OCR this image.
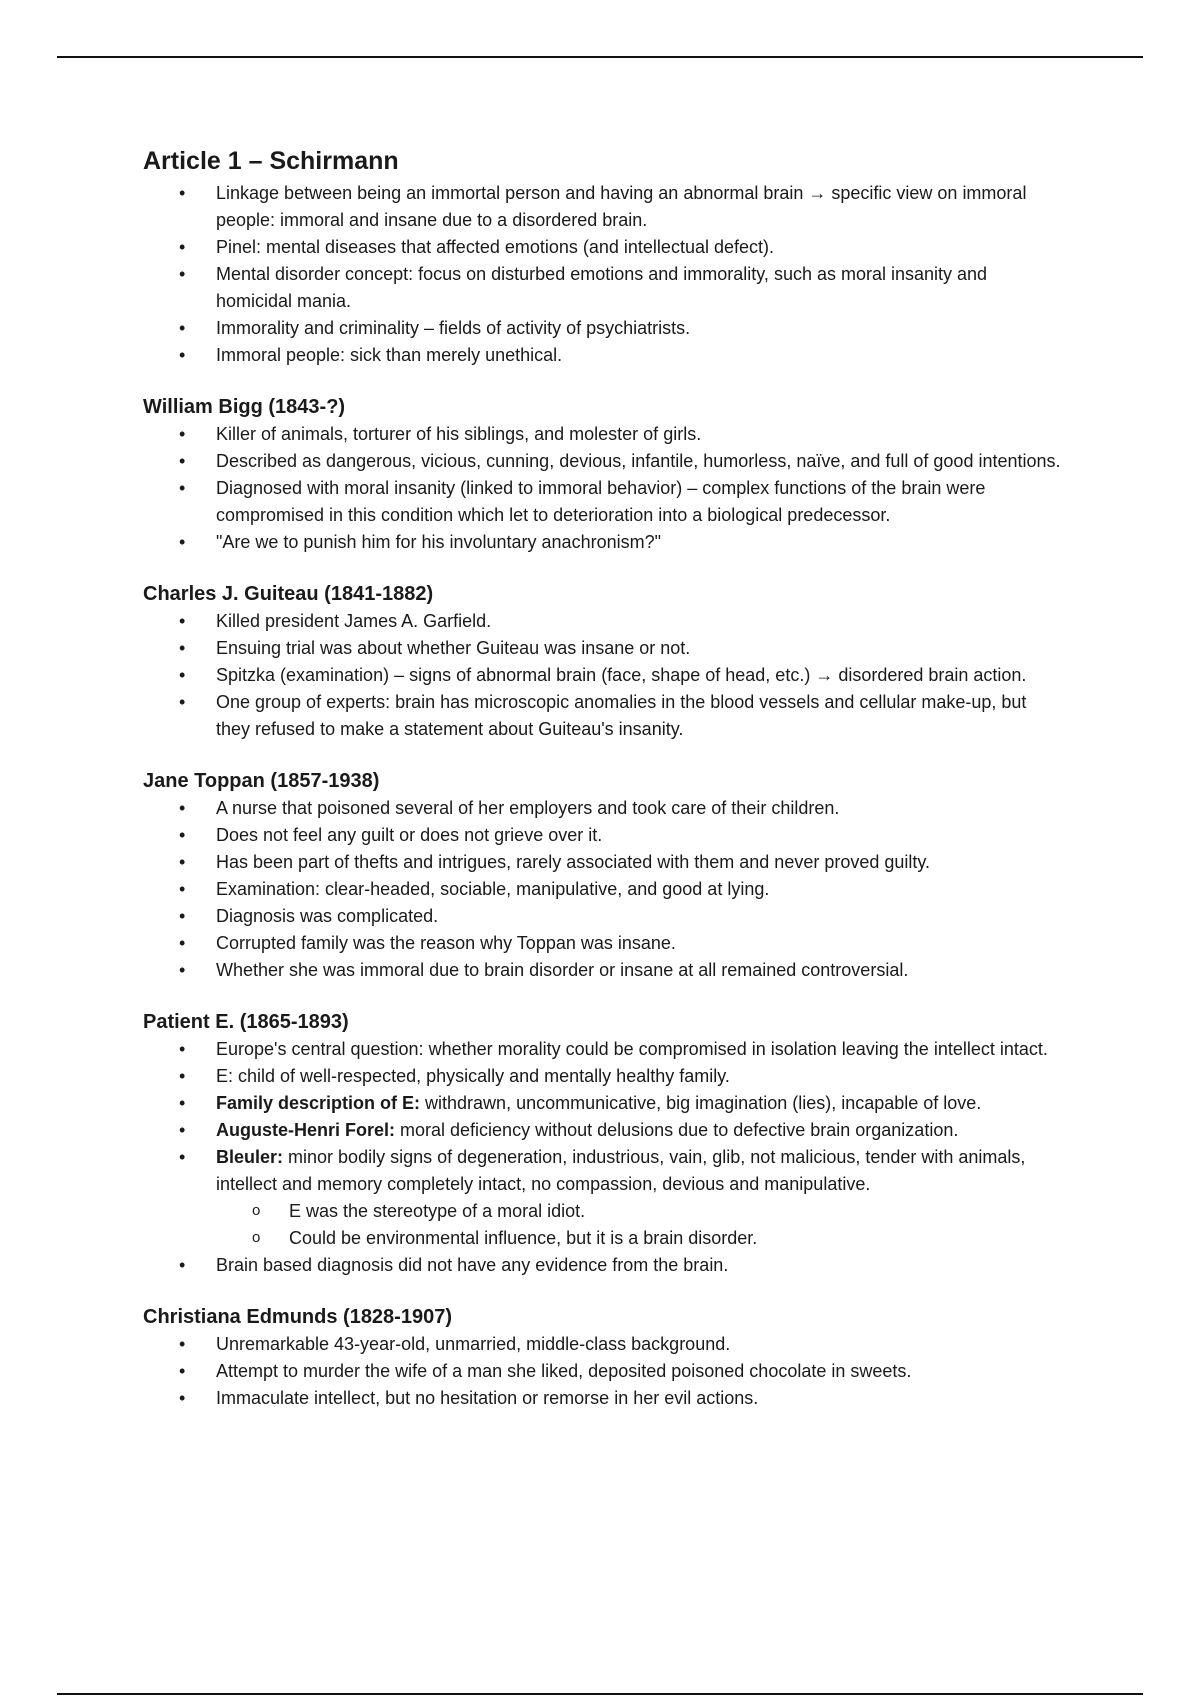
Article 1 – Schirmann
• Linkage between being an immortal person and having an abnormal brain → specific view on immoral people: immoral and insane due to a disordered brain.
• Pinel: mental diseases that affected emotions (and intellectual defect).
• Mental disorder concept: focus on disturbed emotions and immorality, such as moral insanity and homicidal mania.
• Immorality and criminality – fields of activity of psychiatrists.
• Immoral people: sick than merely unethical.
William Bigg (1843-?)
• Killer of animals, torturer of his siblings, and molester of girls.
• Described as dangerous, vicious, cunning, devious, infantile, humorless, naïve, and full of good intentions.
• Diagnosed with moral insanity (linked to immoral behavior) – complex functions of the brain were compromised in this condition which let to deterioration into a biological predecessor.
• "Are we to punish him for his involuntary anachronism?"
Charles J. Guiteau (1841-1882)
• Killed president James A. Garfield.
• Ensuing trial was about whether Guiteau was insane or not.
• Spitzka (examination) – signs of abnormal brain (face, shape of head, etc.) → disordered brain action.
• One group of experts: brain has microscopic anomalies in the blood vessels and cellular make-up, but they refused to make a statement about Guiteau's insanity.
Jane Toppan (1857-1938)
• A nurse that poisoned several of her employers and took care of their children.
• Does not feel any guilt or does not grieve over it.
• Has been part of thefts and intrigues, rarely associated with them and never proved guilty.
• Examination: clear-headed, sociable, manipulative, and good at lying.
• Diagnosis was complicated.
• Corrupted family was the reason why Toppan was insane.
• Whether she was immoral due to brain disorder or insane at all remained controversial.
Patient E. (1865-1893)
• Europe's central question: whether morality could be compromised in isolation leaving the intellect intact.
• E: child of well-respected, physically and mentally healthy family.
• Family description of E: withdrawn, uncommunicative, big imagination (lies), incapable of love.
• Auguste-Henri Forel: moral deficiency without delusions due to defective brain organization.
• Bleuler: minor bodily signs of degeneration, industrious, vain, glib, not malicious, tender with animals, intellect and memory completely intact, no compassion, devious and manipulative.
o E was the stereotype of a moral idiot.
o Could be environmental influence, but it is a brain disorder.
• Brain based diagnosis did not have any evidence from the brain.
Christiana Edmunds (1828-1907)
• Unremarkable 43-year-old, unmarried, middle-class background.
• Attempt to murder the wife of a man she liked, deposited poisoned chocolate in sweets.
• Immaculate intellect, but no hesitation or remorse in her evil actions.
